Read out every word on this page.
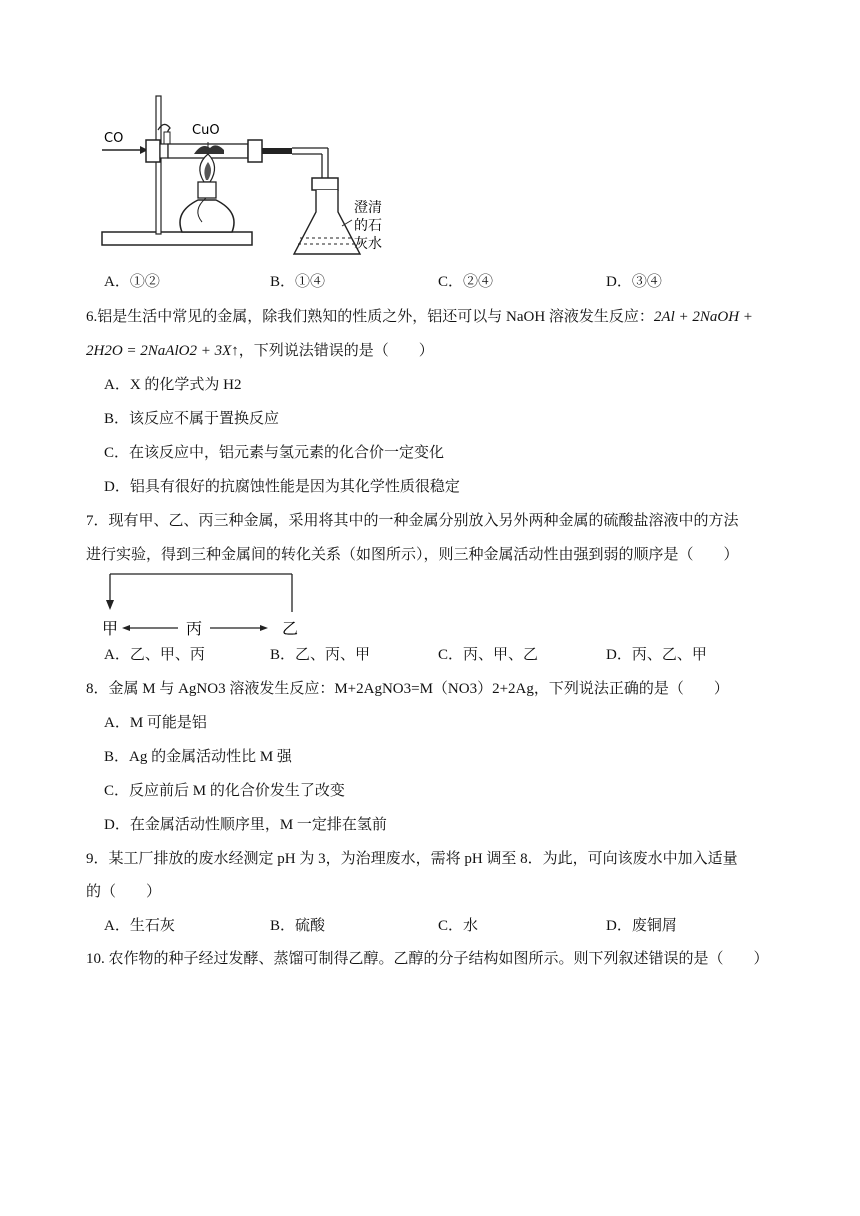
CO
CuO
澄清
的石
灰水
A．①②	B．①④	C．②④	D．③④
6.铝是生活中常见的金属，除我们熟知的性质之外，铝还可以与 NaOH 溶液发生反应：2Al + 2NaOH +
2H2O = 2NaAlO2 + 3X↑，下列说法错误的是（　　）
A．X 的化学式为 H2
B．该反应不属于置换反应
C．在该反应中，铝元素与氢元素的化合价一定变化
D．铝具有很好的抗腐蚀性能是因为其化学性质很稳定
7．现有甲、乙、丙三种金属，采用将其中的一种金属分别放入另外两种金属的硫酸盐溶液中的方法
进行实验，得到三种金属间的转化关系（如图所示），则三种金属活动性由强到弱的顺序是（　　）
甲	丙	乙
A．乙、甲、丙	B．乙、丙、甲	C．丙、甲、乙	D．丙、乙、甲
8．金属 M 与 AgNO3 溶液发生反应：M+2AgNO3=M（NO3）2+2Ag，下列说法正确的是（　　）
A．M 可能是铝
B．Ag 的金属活动性比 M 强
C．反应前后 M 的化合价发生了改变
D．在金属活动性顺序里，M 一定排在氢前
9．某工厂排放的废水经测定 pH 为 3，为治理废水，需将 pH 调至 8．为此，可向该废水中加入适量
的（　　）
A．生石灰	B．硫酸	C．水	D．废铜屑
10. 农作物的种子经过发酵、蒸馏可制得乙醇。乙醇的分子结构如图所示。则下列叙述错误的是（　　）
